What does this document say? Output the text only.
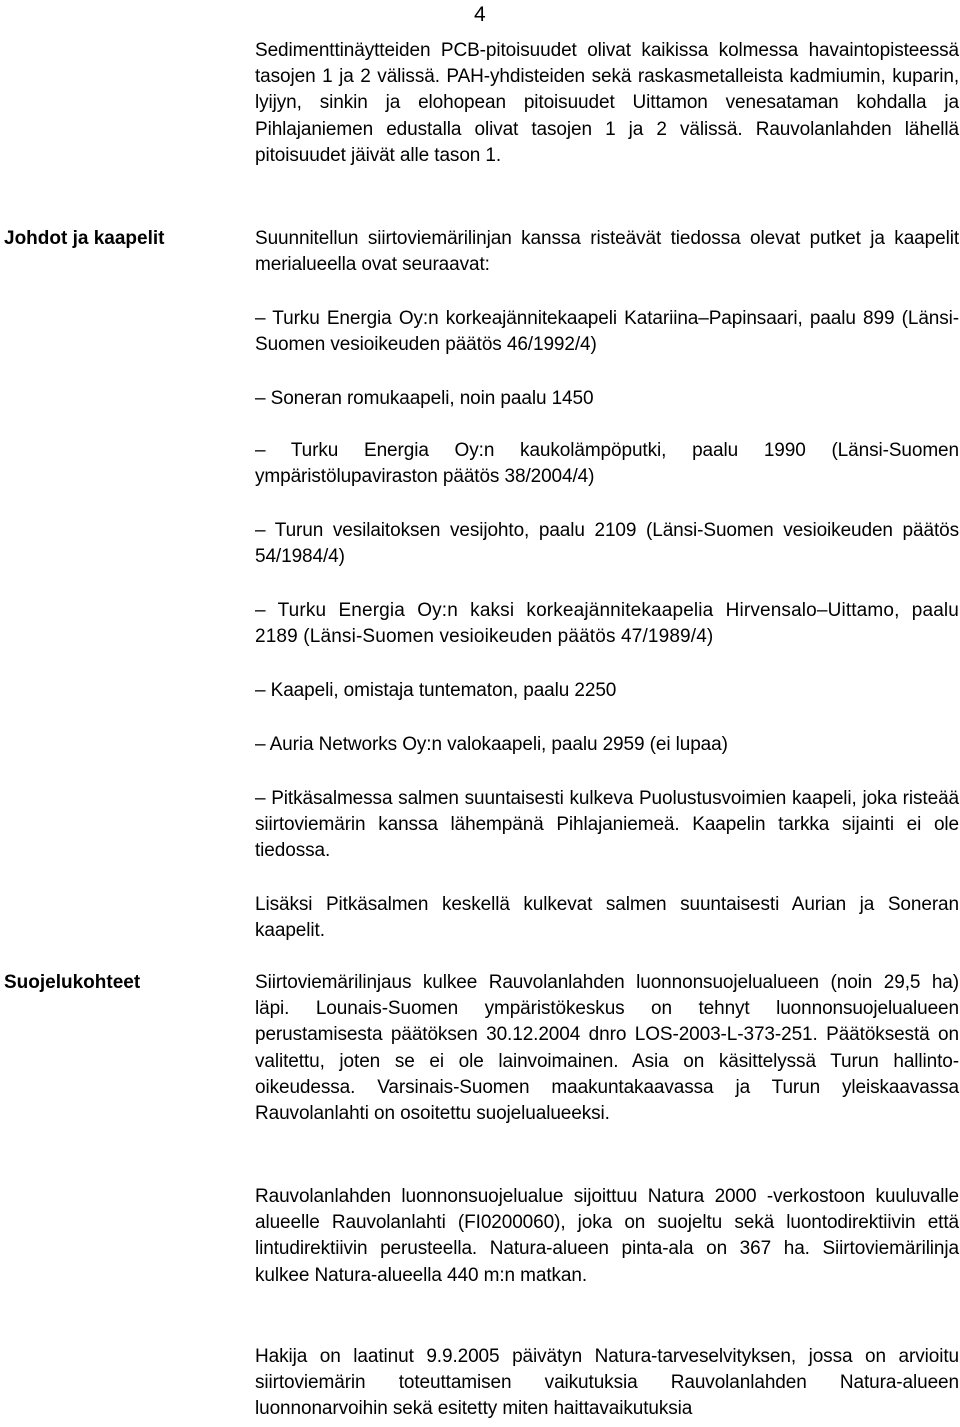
4
Sedimenttinäytteiden PCB-pitoisuudet olivat kaikissa kolmessa havaintopisteessä tasojen 1 ja 2 välissä. PAH-yhdisteiden sekä raskasmetalleista kadmiumin, kuparin, lyijyn, sinkin ja elohopean pitoisuudet Uittamon venesataman kohdalla ja Pihlajaniemen edustalla olivat tasojen 1 ja 2 välissä. Rauvolanlahden lähellä pitoisuudet jäivät alle tason 1.
Johdot ja kaapelit	Suunnitellun siirtoviemärilinjan kanssa risteävät tiedossa olevat putket ja kaapelit merialueella ovat seuraavat:
– Turku Energia Oy:n korkeajännitekaapeli Katariina–Papinsaari, paalu 899 (Länsi-Suomen vesioikeuden päätös 46/1992/4)
– Soneran romukaapeli, noin paalu 1450
– Turku Energia Oy:n kaukolämpöputki, paalu 1990 (Länsi-Suomen ympäristölupaviraston päätös 38/2004/4)
– Turun vesilaitoksen vesijohto, paalu 2109 (Länsi-Suomen vesioikeuden päätös 54/1984/4)
– Turku Energia Oy:n kaksi korkeajännitekaapelia Hirvensalo–Uittamo, paalu 2189 (Länsi-Suomen vesioikeuden päätös 47/1989/4)
– Kaapeli, omistaja tuntematon, paalu 2250
– Auria Networks Oy:n valokaapeli, paalu 2959 (ei lupaa)
– Pitkäsalmessa salmen suuntaisesti kulkeva Puolustusvoimien kaapeli, joka risteää siirtoviemärin kanssa lähempänä Pihlajaniemeä. Kaapelin tarkka sijainti ei ole tiedossa.
Lisäksi Pitkäsalmen keskellä kulkevat salmen suuntaisesti Aurian ja Soneran kaapelit.
Suojelukohteet	Siirtoviemärilinjaus kulkee Rauvolanlahden luonnonsuojelualueen (noin 29,5 ha) läpi. Lounais-Suomen ympäristökeskus on tehnyt luonnonsuojelualueen perustamisesta päätöksen 30.12.2004 dnro LOS-2003-L-373-251. Päätöksestä on valitettu, joten se ei ole lainvoimainen. Asia on käsittelyssä Turun hallinto-oikeudessa. Varsinais-Suomen maakuntakaavassa ja Turun yleiskaavassa Rauvolanlahti on osoitettu suojelualueeksi.
Rauvolanlahden luonnonsuojelualue sijoittuu Natura 2000 -verkostoon kuuluvalle alueelle Rauvolanlahti (FI0200060), joka on suojeltu sekä luontodirektiivin että lintudirektiivin perusteella. Natura-alueen pinta-ala on 367 ha. Siirtoviemärilinja kulkee Natura-alueella 440 m:n matkan.
Hakija on laatinut 9.9.2005 päivätyn Natura-tarveselvityksen, jossa on arvioitu siirtoviemärin toteuttamisen vaikutuksia Rauvolanlahden Natura-alueen luonnonarvoihin sekä esitetty miten haittavaikutuksia
